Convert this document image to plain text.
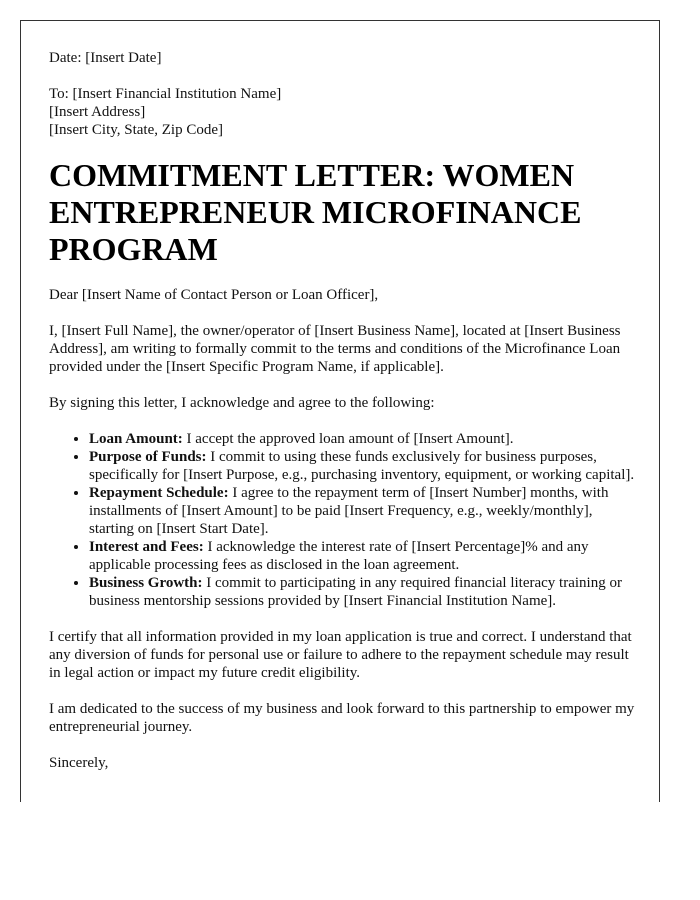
Date: [Insert Date]

To: [Insert Financial Institution Name]

[Insert Address]

[Insert City, State, Zip Code]

COMMITMENT LETTER: WOMEN ENTREPRENEUR MICROFINANCE PROGRAM

Dear [Insert Name of Contact Person or Loan Officer],

I, [Insert Full Name], the owner/operator of [Insert Business Name], located at [Insert Business Address], am writing to formally commit to the terms and conditions of the Microfinance Loan provided under the [Insert Specific Program Name, if applicable].

By signing this letter, I acknowledge and agree to the following:

• Loan Amount: I accept the approved loan amount of [Insert Amount].
• Purpose of Funds: I commit to using these funds exclusively for business purposes, specifically for [Insert Purpose, e.g., purchasing inventory, equipment, or working capital].
• Repayment Schedule: I agree to the repayment term of [Insert Number] months, with installments of [Insert Amount] to be paid [Insert Frequency, e.g., weekly/monthly], starting on [Insert Start Date].
• Interest and Fees: I acknowledge the interest rate of [Insert Percentage]% and any applicable processing fees as disclosed in the loan agreement.
• Business Growth: I commit to participating in any required financial literacy training or business mentorship sessions provided by [Insert Financial Institution Name].

I certify that all information provided in my loan application is true and correct. I understand that any diversion of funds for personal use or failure to adhere to the repayment schedule may result in legal action or impact my future credit eligibility.

I am dedicated to the success of my business and look forward to this partnership to empower my entrepreneurial journey.

Sincerely,
